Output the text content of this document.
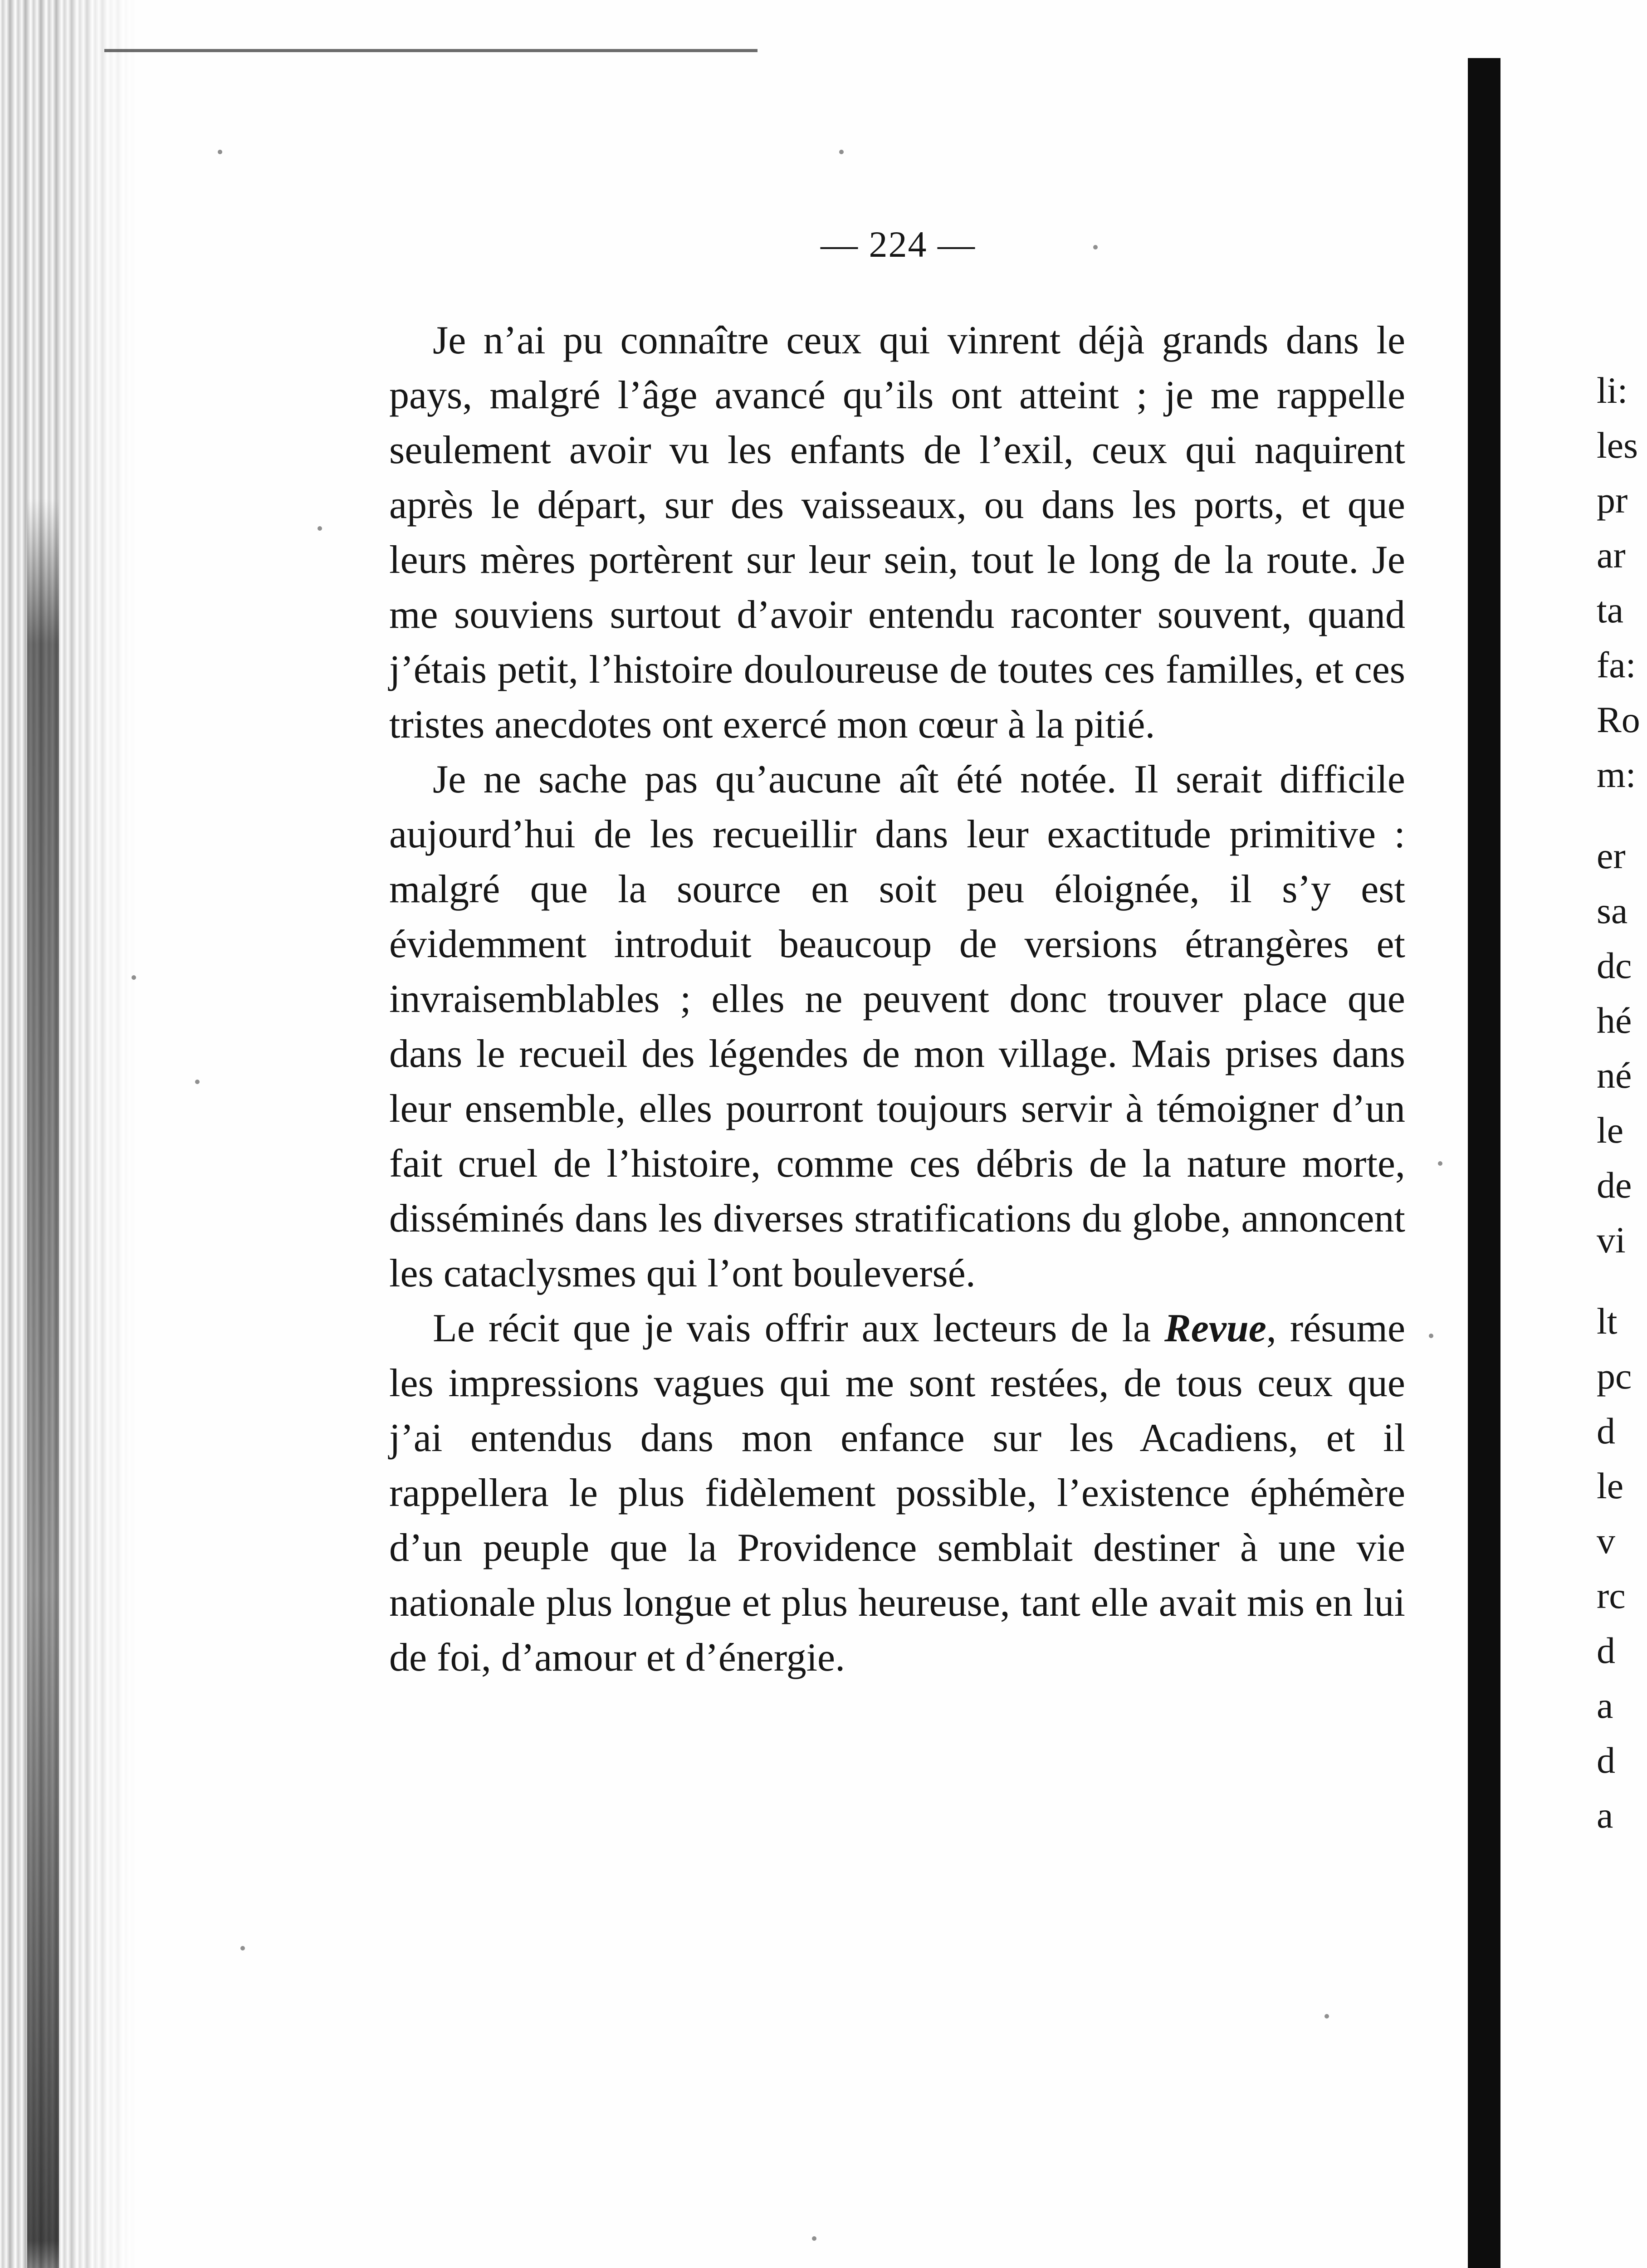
— 224 —

Je n’ai pu connaître ceux qui vinrent déjà grands dans le pays, malgré l’âge avancé qu’ils ont atteint ; je me rappelle seulement avoir vu les enfants de l’exil, ceux qui naquirent après le départ, sur des vaisseaux, ou dans les ports, et que leurs mères portèrent sur leur sein, tout le long de la route. Je me souviens surtout d’avoir entendu raconter souvent, quand j’étais petit, l’histoire douloureuse de toutes ces familles, et ces tristes anecdotes ont exercé mon cœur à la pitié.

Je ne sache pas qu’aucune aît été notée. Il serait difficile aujourd’hui de les recueillir dans leur exactitude primitive : malgré que la source en soit peu éloignée, il s’y est évidemment introduit beaucoup de versions étrangères et invraisemblables ; elles ne peuvent donc trouver place que dans le recueil des légendes de mon village. Mais prises dans leur ensemble, elles pourront toujours servir à témoigner d’un fait cruel de l’histoire, comme ces débris de la nature morte, disséminés dans les diverses stratifications du globe, annoncent les cataclysmes qui l’ont bouleversé.

Le récit que je vais offrir aux lecteurs de la Revue, résume les impressions vagues qui me sont restées, de tous ceux que j’ai entendus dans mon enfance sur les Acadiens, et il rappellera le plus fidèlement possible, l’existence éphémère d’un peuple que la Providence semblait destiner à une vie nationale plus longue et plus heureuse, tant elle avait mis en lui de foi, d’amour et d’énergie.

li:
les
pr
ar
ta
fa:
Ro
m:
er
sa
dc
hé
né
le
de
vi
lt
pc
d
le
v
rc
d
a
d
a
